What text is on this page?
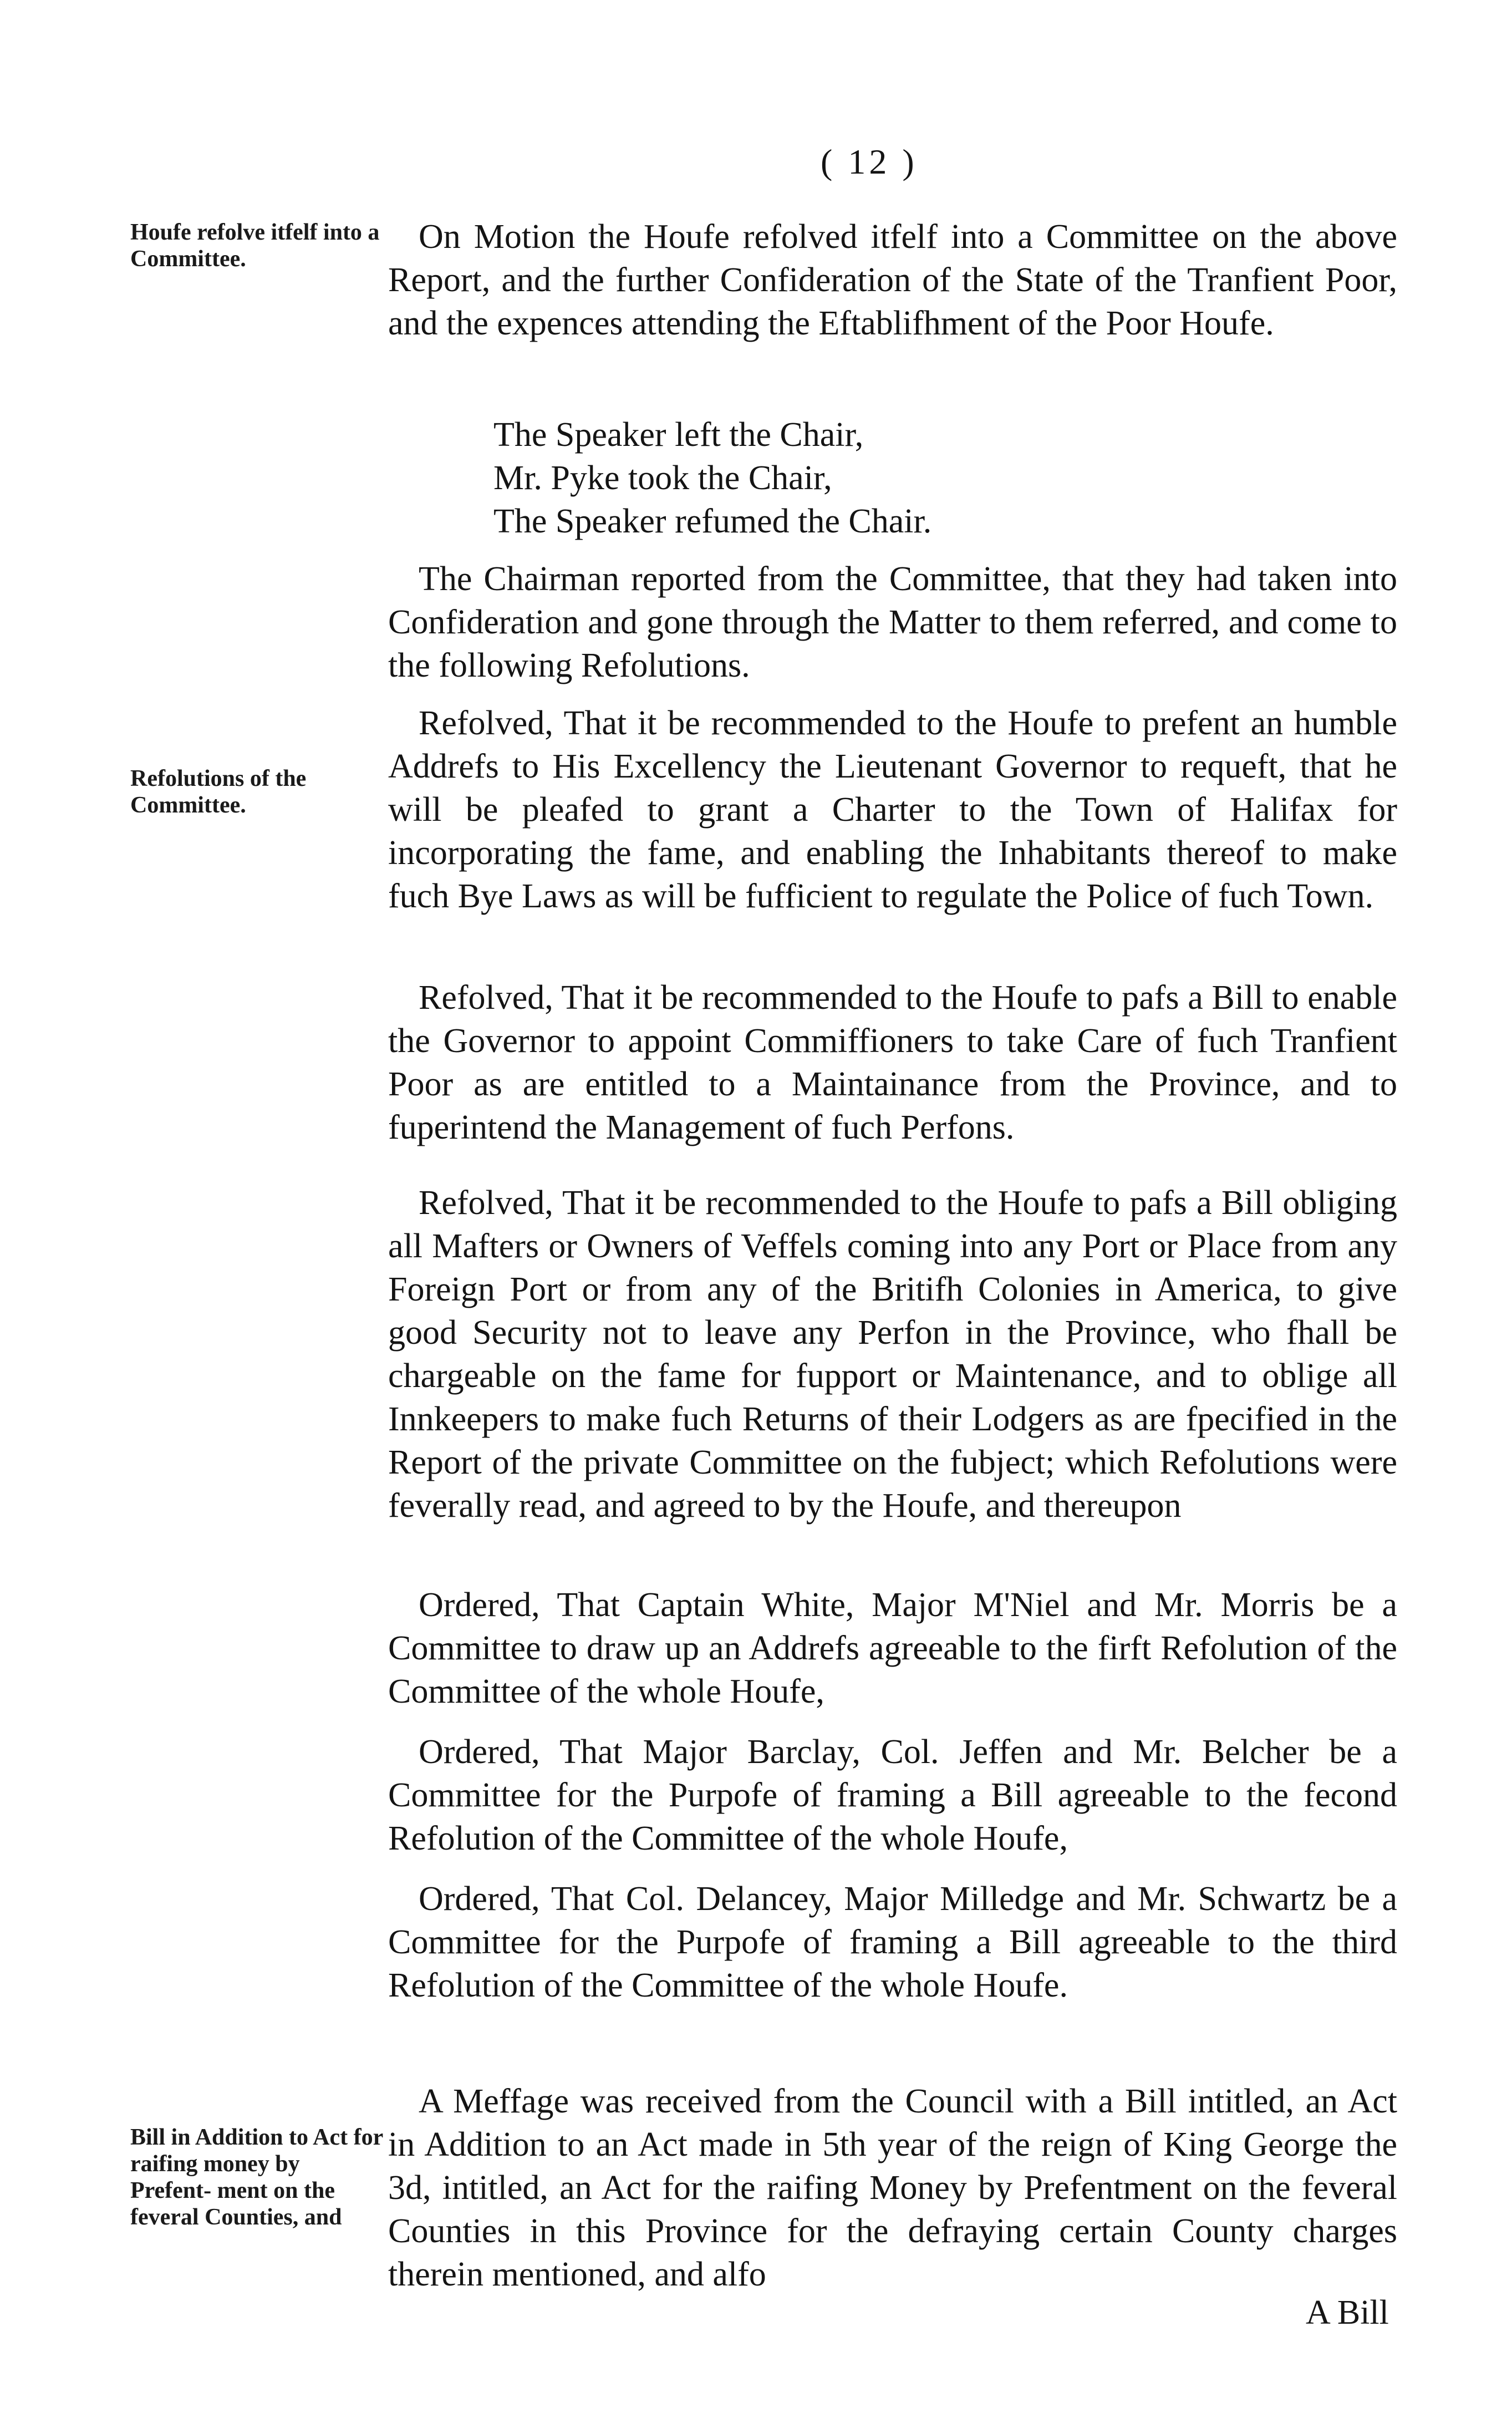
( 12 )
Houfe refolve itfelf into a Committee.
Refolutions of the Committee.
Bill in Addition to Act for raifing money by Prefent- ment on the feveral Counties, and

On Motion the Houfe refolved itfelf into a Committee on the above Report, and the further Confideration of the State of the Tranfient Poor, and the expences attending the Eftablifhment of the Poor Houfe.

The Speaker left the Chair,
Mr. Pyke took the Chair,
The Speaker refumed the Chair.

The Chairman reported from the Committee, that they had taken into Confideration and gone through the Matter to them referred, and come to the following Refolutions.

Refolved, That it be recommended to the Houfe to prefent an humble Addrefs to His Excellency the Lieutenant Governor to requeft, that he will be pleafed to grant a Charter to the Town of Halifax for incorporating the fame, and enabling the Inhabitants thereof to make fuch Bye Laws as will be fufficient to regulate the Police of fuch Town.

Refolved, That it be recommended to the Houfe to pafs a Bill to enable the Governor to appoint Commiffioners to take Care of fuch Tranfient Poor as are entitled to a Maintainance from the Province, and to fuperintend the Management of fuch Perfons.

Refolved, That it be recommended to the Houfe to pafs a Bill obliging all Mafters or Owners of Veffels coming into any Port or Place from any Foreign Port or from any of the Britifh Colonies in America, to give good Security not to leave any Perfon in the Province, who fhall be chargeable on the fame for fupport or Maintenance, and to oblige all Innkeepers to make fuch Returns of their Lodgers as are fpecified in the Report of the private Committee on the fubject; which Refolutions were feverally read, and agreed to by the Houfe, and thereupon

Ordered, That Captain White, Major M'Niel and Mr. Morris be a Committee to draw up an Addrefs agreeable to the firft Refolution of the Committee of the whole Houfe,

Ordered, That Major Barclay, Col. Jeffen and Mr. Belcher be a Committee for the Purpofe of framing a Bill agreeable to the fecond Refolution of the Committee of the whole Houfe,

Ordered, That Col. Delancey, Major Milledge and Mr. Schwartz be a Committee for the Purpofe of framing a Bill agreeable to the third Refolution of the Committee of the whole Houfe.

A Meffage was received from the Council with a Bill intitled, an Act in Addition to an Act made in 5th year of the reign of King George the 3d, intitled, an Act for the raifing Money by Prefentment on the feveral Counties in this Province for the defraying certain County charges therein mentioned, and alfo

A Bill
